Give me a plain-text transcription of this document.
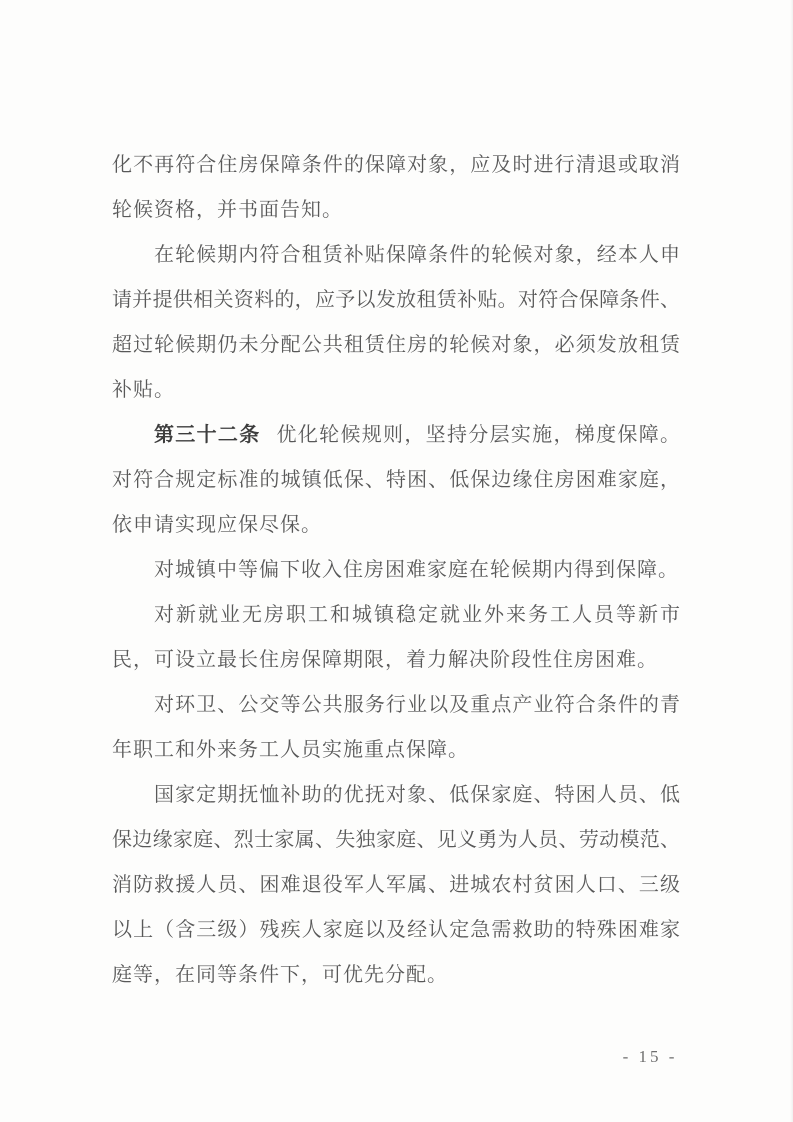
化不再符合住房保障条件的保障对象，应及时进行清退或取消
轮候资格，并书面告知。
在轮候期内符合租赁补贴保障条件的轮候对象，经本人申
请并提供相关资料的，应予以发放租赁补贴。对符合保障条件、
超过轮候期仍未分配公共租赁住房的轮候对象，必须发放租赁
补贴。
第三十二条 优化轮候规则，坚持分层实施，梯度保障。
对符合规定标准的城镇低保、特困、低保边缘住房困难家庭，
依申请实现应保尽保。
对城镇中等偏下收入住房困难家庭在轮候期内得到保障。
对新就业无房职工和城镇稳定就业外来务工人员等新市
民，可设立最长住房保障期限，着力解决阶段性住房困难。
对环卫、公交等公共服务行业以及重点产业符合条件的青
年职工和外来务工人员实施重点保障。
国家定期抚恤补助的优抚对象、低保家庭、特困人员、低
保边缘家庭、烈士家属、失独家庭、见义勇为人员、劳动模范、
消防救援人员、困难退役军人军属、进城农村贫困人口、三级
以上（含三级）残疾人家庭以及经认定急需救助的特殊困难家
庭等，在同等条件下，可优先分配。
- 15 -
